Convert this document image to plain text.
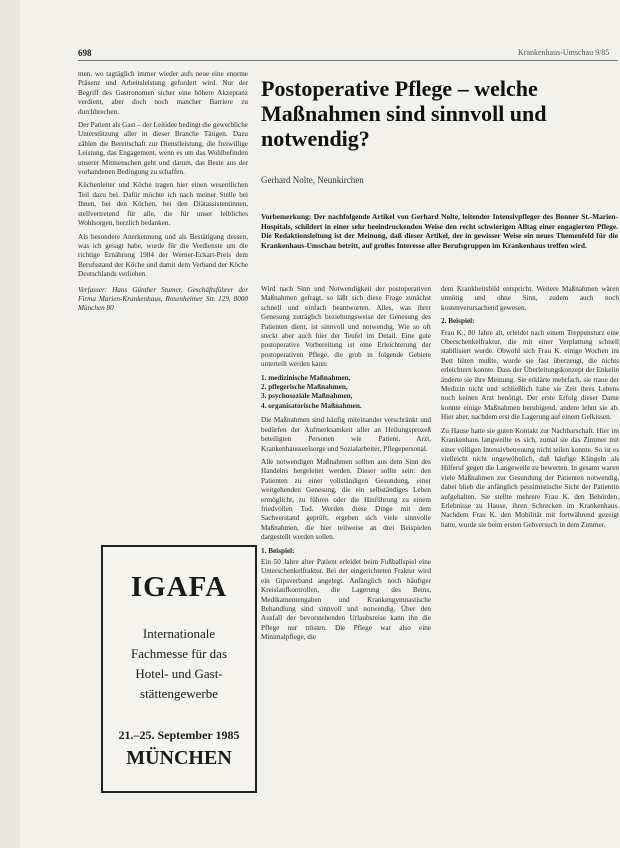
698	Krankenhaus-Umschau 9/85

men, wo tagtäglich immer wieder aufs neue eine enorme Präsenz und Arbeitsleistung gefordert wird. Nur der Begriff des Gastronomen sicher eine höhere Akzeptanz verdient, aber doch noch mancher Barriere zu durchbrechen.

Der Patient als Gast – der Leitidee bedingt die gewerbliche Unterstützung aller in dieser Branche Tätigen. Dazu zählen die Bereitschaft zur Dienstleistung, die freiwillige Leistung, das Engagement, wenn es um das Wohlbefinden unserer Mitmenschen geht und darum, das Beste aus der vorhandenen Bedingung zu schaffen.

Küchenleiter und Köche tragen hier einen wesentlichen Teil dazu bei. Dafür möchte ich nach meiner Stelle bei Ihnen, bei den Köchen, bei den Diätassistentinnen, stellvertretend für alle, die für unser leibliches Wohlsorgen, herzlich bedanken.

Als besondere Anerkennung und als Bestätigung dessen, was ich gesagt habe, wurde für die Verdienste um die richtige Ernährung 1984 der Werner-Eckart-Preis dem Berufsstand der Köche und damit dem Verband der Köche Deutschlands verliehen.

Verfasser: Hans Günther Stumer, Geschäftsführer der Firma Marien-Krankenhaus, Rosenheimer Str. 129, 8000 München 80

Postoperative Pflege – welche Maßnahmen sind sinnvoll und notwendig?
Gerhard Nolte, Neunkirchen
Vorbemerkung: Der nachfolgende Artikel von Gerhard Nolte, leitender Intensivpfleger des Bonner St.-Marien-Hospitals, schildert in einer sehr beeindruckenden Weise den recht schwierigen Alltag einer engagierten Pflege. Die Redaktionsleitung ist der Meinung, daß dieser Artikel, der in gewisser Weise ein neues Themenfeld für die Krankenhaus-Umschau betritt, auf großes Interesse aller Berufsgruppen im Krankenhaus treffen wird.

Wird nach Sinn und Notwendigkeit der postoperativen Maßnahmen gefragt, so läßt sich diese Frage zunächst schnell und einfach beantworten. Alles, was ihrer Genesung zuträglich beziehungsweise der Genesung des Patienten dient, ist sinnvoll und notwendig. Wie so oft steckt aber auch hier der Teufel im Detail. Eine gute postoperative Vorbereitung ist eine Erleichterung der postoperativen Pflege, die grob in folgende Gebiete unterteilt werden kann:

1. medizinische Maßnahmen,
2. pflegerische Maßnahmen,
3. psychosoziale Maßnahmen,
4. organisatorische Maßnahmen.

Die Maßnahmen sind häufig miteinander verschränkt und bedürfen der Aufmerksamkeit aller an Heilungsprozeß beteiligten Personen wie Patient, Arzt, Krankenhausseelsorge und Sozialarbeiter, Pflegepersonal.

Alle notwendigen Maßnahmen sollten aus dem Sinn des Handelns hergeleitet werden. Dieser sollte sein: den Patienten zu einer vollständigen Gesundung, einer weitgehenden Genesung, die ein selbständiges Leben ermöglicht, zu führen oder die Hinführung zu einem friedvollen Tod. Werden diese Dinge mit dem Sachverstand geprüft, ergeben sich viele sinnvolle Maßnahmen, die hier teilweise an drei Beispielen dargestellt werden sollen.

1. Beispiel:

Ein 50 Jahre alter Patient erleidet beim Fußballspiel eine Unterschenkelfraktur. Bei der eingerichteten Fraktur wird ein Gipsverband angelegt. Anfänglich noch häufiger Kreislaufkontrollen, die Lagerung des Beins, Medikamentengaben und Krankengymnastische Behandlung sind sinnvoll und notwendig. Über den Ausfall der bevorstehenden Urlaubsreise kann ihn die Pflege nur trösten. Die Pflege war also eine Minimalpflege, die

dem Krankheitsbild entspricht. Weitere Maßnahmen wären unnötig und ohne Sinn, zudem auch noch kostenverursachend gewesen.

2. Beispiel:

Frau K., 80 Jahre alt, erleidet nach einem Treppensturz eine Oberschenkelfraktur, die mit einer Verplattung schnell stabilisiert wurde. Obwohl sich Frau K. einige Wochen im Bett hüten mußte, wurde sie fast überzeugt, die nichts erleichtern konnte. Dass der Überleitungskonzept der Enkelin änderte sie ihre Meinung. Sie erklärte mehrfach, sie traue der Medizin nicht und schließlich habe sie Zeit ihres Lebens noch keinen Arzt benötigt. Der erste Erfolg dieser Dame konnte einige Maßnahmen beruhigend, andere lehnt sie ab. Hier aber, nachdem erst die Lagerung auf einem Gelkissen.

Zu Hause hatte sie guten Kontakt zur Nachbarschaft. Hier im Krankenhaus langweilte es sich, zumal sie das Zimmer mit einer völligen Intensivbetreuung nicht teilen konnte. So ist es vielleicht nicht ungewöhnlich, daß häufige Klingeln als Hilferuf gegen die Langeweile zu bewerten. In gesamt waren viele Maßnahmen zur Gesundung der Patienten notwendig, dabei blieb die anfänglich pessimistische Sicht der Patientin aufgehalten. Sie stellte mehrere Frau K. den Behörden, Erlebnisse zu Hause, ihren Schrecken im Krankenhaus. Nachdem Frau K. den Mobilität mit fortwährend gezeigt hatte, wurde sie beim ersten Gehversuch in dem Zimmer.

IGAFA
Internationale
Fachmesse für das
Hotel- und Gast-
stättengewerbe
21.–25. September 1985
MÜNCHEN
